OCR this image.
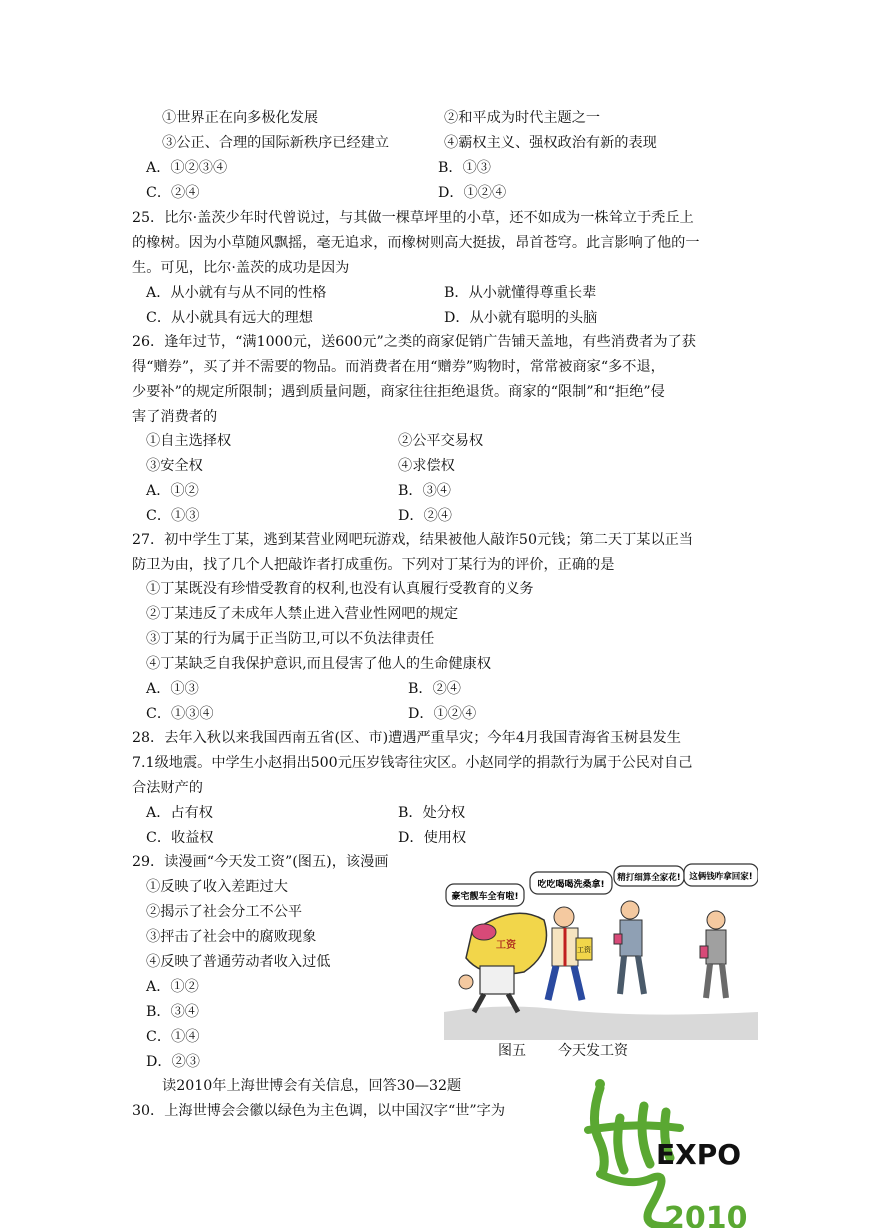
①世界正在向多极化发展	②和平成为时代主题之一
③公正、合理的国际新秩序已经建立	④霸权主义、强权政治有新的表现
A．①②③④	B．①③
C．②④	D．①②④
25．比尔·盖茨少年时代曾说过，与其做一棵草坪里的小草，还不如成为一株耸立于秃丘上
的橡树。因为小草随风飘摇，毫无追求，而橡树则高大挺拔，昂首苍穹。此言影响了他的一
生。可见，比尔·盖茨的成功是因为
A．从小就有与从不同的性格	B．从小就懂得尊重长辈
C．从小就具有远大的理想	D．从小就有聪明的头脑
26．逢年过节，“满1000元，送600元”之类的商家促销广告铺天盖地，有些消费者为了获
得“赠券”，买了并不需要的物品。而消费者在用“赠券”购物时，常常被商家“多不退，
少要补”的规定所限制；遇到质量问题，商家往往拒绝退货。商家的“限制”和“拒绝”侵
害了消费者的
①自主选择权	②公平交易权
③安全权	④求偿权
A．①②	B．③④
C．①③	D．②④
27．初中学生丁某，逃到某营业网吧玩游戏，结果被他人敲诈50元钱；第二天丁某以正当
防卫为由，找了几个人把敲诈者打成重伤。下列对丁某行为的评价，正确的是
①丁某既没有珍惜受教育的权利,也没有认真履行受教育的义务
②丁某违反了未成年人禁止进入营业性网吧的规定
③丁某的行为属于正当防卫,可以不负法律责任
④丁某缺乏自我保护意识,而且侵害了他人的生命健康权
A．①③	B．②④
C．①③④	D．①②④
28．去年入秋以来我国西南五省(区、市)遭遇严重旱灾；今年4月我国青海省玉树县发生
7.1级地震。中学生小赵捐出500元压岁钱寄往灾区。小赵同学的捐款行为属于公民对自己
合法财产的
A．占有权	B．处分权
C．收益权	D．使用权
29．读漫画“今天发工资”(图五)，该漫画
①反映了收入差距过大
②揭示了社会分工不公平
③抨击了社会中的腐败现象
④反映了普通劳动者收入过低
A．①②
B．③④
C．①④
D．②③
豪宅靓车全有啦!
吃吃喝喝洗桑拿!
精打细算全家花! 这俩钱咋拿回家!
工资	工资
图五 今天发工资
读2010年上海世博会有关信息，回答30—32题
30．上海世博会会徽以绿色为主色调，以中国汉字“世”字为
EXPO
2010
